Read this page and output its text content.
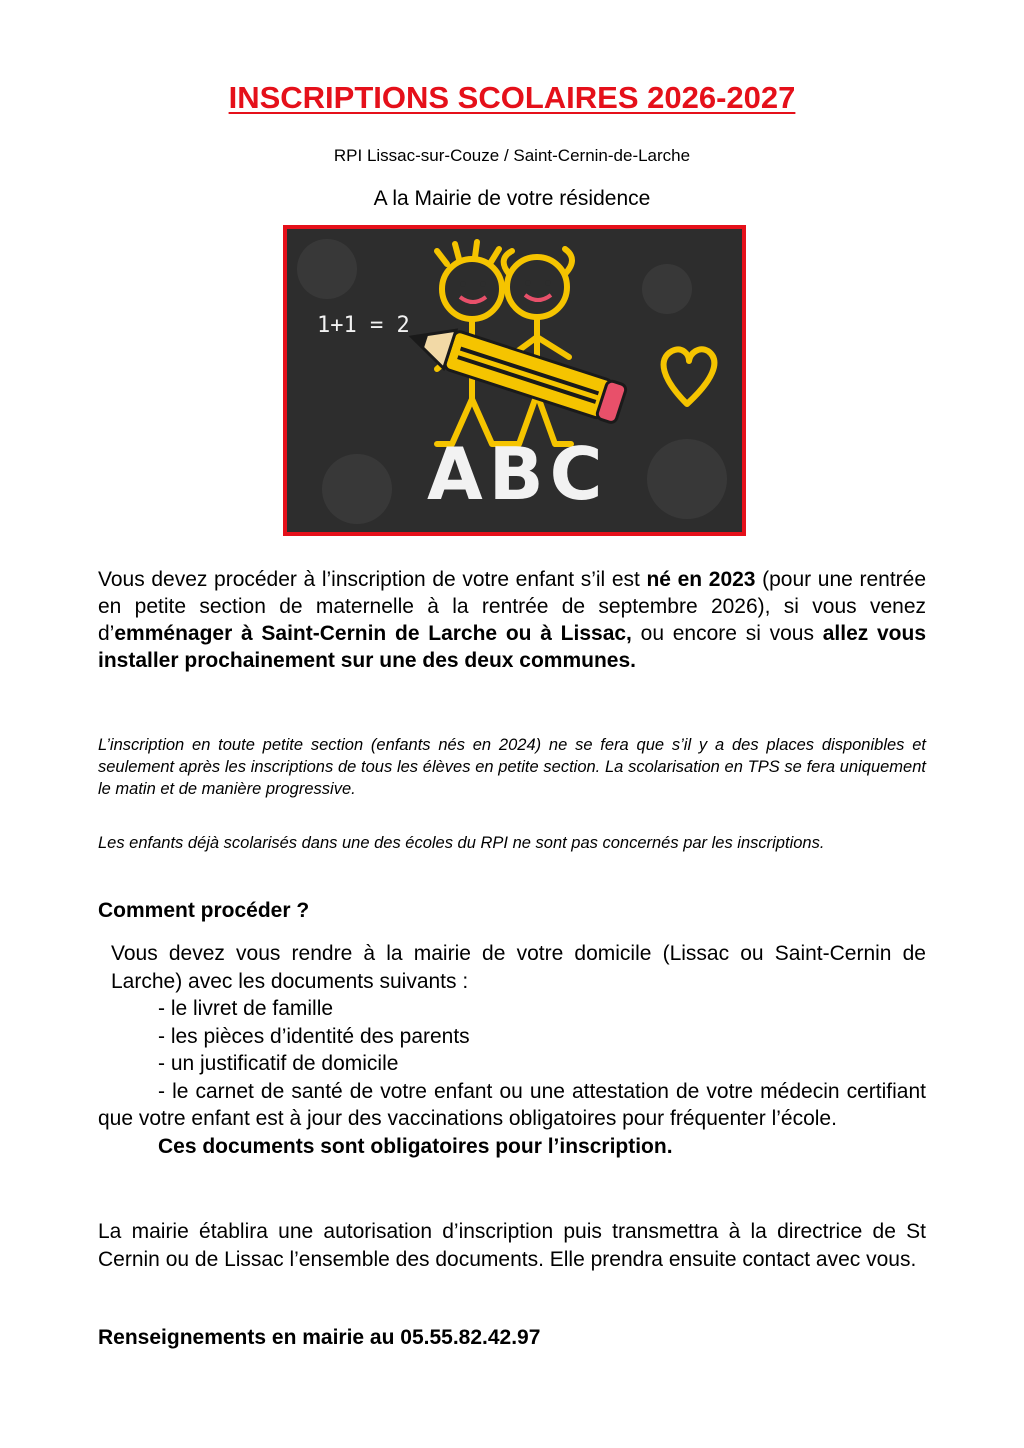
INSCRIPTIONS SCOLAIRES 2026-2027
RPI Lissac-sur-Couze / Saint-Cernin-de-Larche
A la Mairie de votre résidence
1+1 = 2
ABC
Vous devez procéder à l’inscription de votre enfant s’il est né en 2023 (pour une rentrée en petite section de maternelle à la rentrée de septembre 2026), si vous venez d’emménager à Saint-Cernin de Larche ou à Lissac, ou encore si vous allez vous installer prochainement sur une des deux communes.
L’inscription en toute petite section (enfants nés en 2024) ne se fera que s’il y a des places disponibles et seulement après les inscriptions de tous les élèves en petite section. La scolarisation en TPS se fera uniquement le matin et de manière progressive.
Les enfants déjà scolarisés dans une des écoles du RPI ne sont pas concernés par les inscriptions.
Comment procéder ?
Vous devez vous rendre à la mairie de votre domicile (Lissac ou Saint-Cernin de Larche) avec les documents suivants :
- le livret de famille
- les pièces d’identité des parents
- un justificatif de domicile
- le carnet de santé de votre enfant ou une attestation de votre médecin certifiant que votre enfant est à jour des vaccinations obligatoires pour fréquenter l’école.
Ces documents sont obligatoires pour l’inscription.
La mairie établira une autorisation d’inscription puis transmettra à la directrice de St Cernin ou de Lissac l’ensemble des documents. Elle prendra ensuite contact avec vous.
Renseignements en mairie au 05.55.82.42.97
